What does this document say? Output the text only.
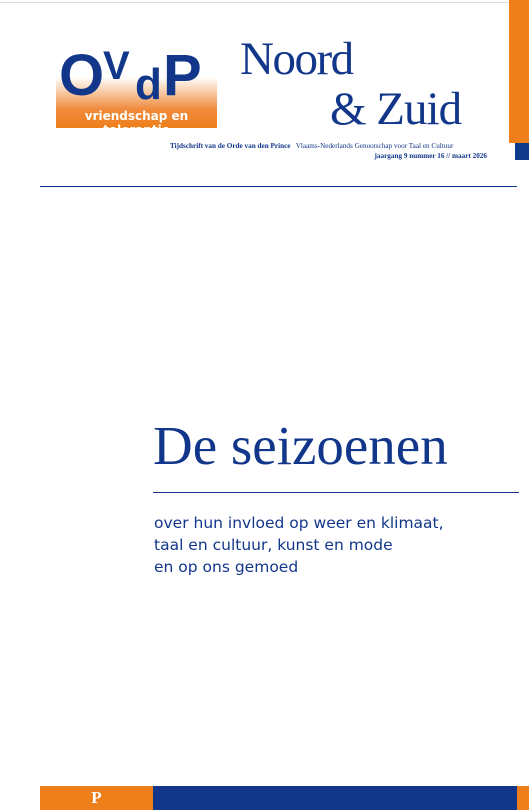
O
V d P
vriendschap en tolerantie
Noord
& Zuid
Tijdschrift van de Orde van den Prince Vlaams-Nederlands Genootschap voor Taal en Cultuur
jaargang 9 nummer 16 // maart 2026
De seizoenen
over hun invloed op weer en klimaat,
taal en cultuur, kunst en mode
en op ons gemoed
P
